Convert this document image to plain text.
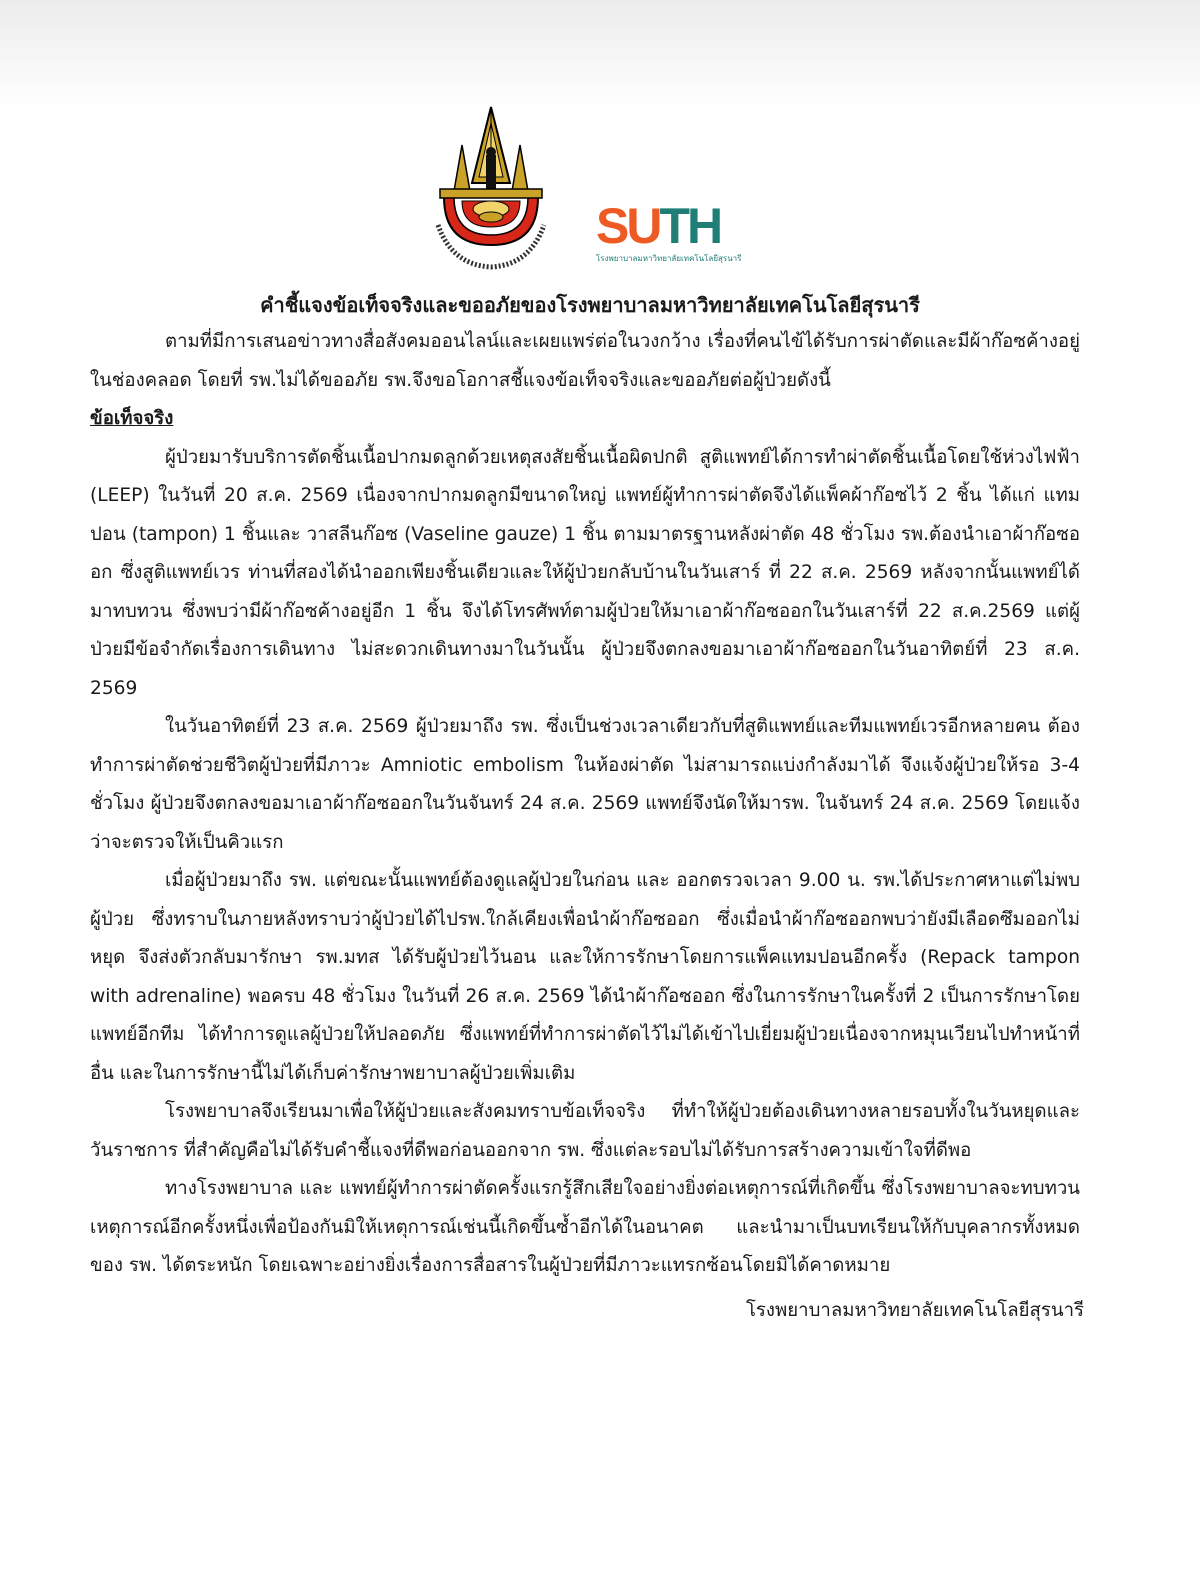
SUTH
โรงพยาบาลมหาวิทยาลัยเทคโนโลยีสุรนารี
คำชี้แจงข้อเท็จจริงและขออภัยของโรงพยาบาลมหาวิทยาลัยเทคโนโลยีสุรนารี

ตามที่มีการเสนอข่าวทางสื่อสังคมออนไลน์และเผยแพร่ต่อในวงกว้าง เรื่องที่คนไข้ได้รับการผ่าตัดและมีผ้าก๊อซค้างอยู่ในช่องคลอด โดยที่ รพ.ไม่ได้ขออภัย รพ.จึงขอโอกาสชี้แจงข้อเท็จจริงและขออภัยต่อผู้ป่วยดังนี้

ข้อเท็จจริง

ผู้ป่วยมารับบริการตัดชิ้นเนื้อปากมดลูกด้วยเหตุสงสัยชิ้นเนื้อผิดปกติ สูติแพทย์ได้การทำผ่าตัดชิ้นเนื้อโดยใช้ห่วงไฟฟ้า (LEEP) ในวันที่ 20 ส.ค. 2569 เนื่องจากปากมดลูกมีขนาดใหญ่ แพทย์ผู้ทำการผ่าตัดจึงได้แพ็คผ้าก๊อซไว้ 2 ชิ้น ได้แก่ แทมปอน (tampon) 1 ชิ้นและ วาสลีนก๊อซ (Vaseline gauze) 1 ชิ้น ตามมาตรฐานหลังผ่าตัด 48 ชั่วโมง รพ.ต้องนำเอาผ้าก๊อซออก ซึ่งสูติแพทย์เวร ท่านที่สองได้นำออกเพียงชิ้นเดียวและให้ผู้ป่วยกลับบ้านในวันเสาร์ ที่ 22 ส.ค. 2569 หลังจากนั้นแพทย์ได้มาทบทวน ซึ่งพบว่ามีผ้าก๊อซค้างอยู่อีก 1 ชิ้น จึงได้โทรศัพท์ตามผู้ป่วยให้มาเอาผ้าก๊อซออกในวันเสาร์ที่ 22 ส.ค.2569 แต่ผู้ป่วยมีข้อจำกัดเรื่องการเดินทาง ไม่สะดวกเดินทางมาในวันนั้น ผู้ป่วยจึงตกลงขอมาเอาผ้าก๊อซออกในวันอาทิตย์ที่ 23 ส.ค. 2569

ในวันอาทิตย์ที่ 23 ส.ค. 2569 ผู้ป่วยมาถึง รพ. ซึ่งเป็นช่วงเวลาเดียวกับที่สูติแพทย์และทีมแพทย์เวรอีกหลายคน ต้องทำการผ่าตัดช่วยชีวิตผู้ป่วยที่มีภาวะ Amniotic embolism ในห้องผ่าตัด ไม่สามารถแบ่งกำลังมาได้ จึงแจ้งผู้ป่วยให้รอ 3-4 ชั่วโมง ผู้ป่วยจึงตกลงขอมาเอาผ้าก๊อซออกในวันจันทร์ 24 ส.ค. 2569 แพทย์จึงนัดให้มารพ. ในจันทร์ 24 ส.ค. 2569 โดยแจ้งว่าจะตรวจให้เป็นคิวแรก

เมื่อผู้ป่วยมาถึง รพ. แต่ขณะนั้นแพทย์ต้องดูแลผู้ป่วยในก่อน และ ออกตรวจเวลา 9.00 น. รพ.ได้ประกาศหาแต่ไม่พบผู้ป่วย ซึ่งทราบในภายหลังทราบว่าผู้ป่วยได้ไปรพ.ใกล้เคียงเพื่อนำผ้าก๊อซออก ซึ่งเมื่อนำผ้าก๊อซออกพบว่ายังมีเลือดซึมออกไม่หยุด จึงส่งตัวกลับมารักษา รพ.มทส ได้รับผู้ป่วยไว้นอน และให้การรักษาโดยการแพ็คแทมปอนอีกครั้ง (Repack tampon with adrenaline) พอครบ 48 ชั่วโมง ในวันที่ 26 ส.ค. 2569 ได้นำผ้าก๊อซออก ซึ่งในการรักษาในครั้งที่ 2 เป็นการรักษาโดยแพทย์อีกทีม ได้ทำการดูแลผู้ป่วยให้ปลอดภัย ซึ่งแพทย์ที่ทำการผ่าตัดไว้ไม่ได้เข้าไปเยี่ยมผู้ป่วยเนื่องจากหมุนเวียนไปทำหน้าที่อื่น และในการรักษานี้ไม่ได้เก็บค่ารักษาพยาบาลผู้ป่วยเพิ่มเติม

โรงพยาบาลจึงเรียนมาเพื่อให้ผู้ป่วยและสังคมทราบข้อเท็จจริง ที่ทำให้ผู้ป่วยต้องเดินทางหลายรอบทั้งในวันหยุดและวันราชการ ที่สำคัญคือไม่ได้รับคำชี้แจงที่ดีพอก่อนออกจาก รพ. ซึ่งแต่ละรอบไม่ได้รับการสร้างความเข้าใจที่ดีพอ

ทางโรงพยาบาล และ แพทย์ผู้ทำการผ่าตัดครั้งแรกรู้สึกเสียใจอย่างยิ่งต่อเหตุการณ์ที่เกิดขึ้น ซึ่งโรงพยาบาลจะทบทวนเหตุการณ์อีกครั้งหนึ่งเพื่อป้องกันมิให้เหตุการณ์เช่นนี้เกิดขึ้นซ้ำอีกได้ในอนาคต และนำมาเป็นบทเรียนให้กับบุคลากรทั้งหมดของ รพ. ได้ตระหนัก โดยเฉพาะอย่างยิ่งเรื่องการสื่อสารในผู้ป่วยที่มีภาวะแทรกซ้อนโดยมิได้คาดหมาย

โรงพยาบาลมหาวิทยาลัยเทคโนโลยีสุรนารี
